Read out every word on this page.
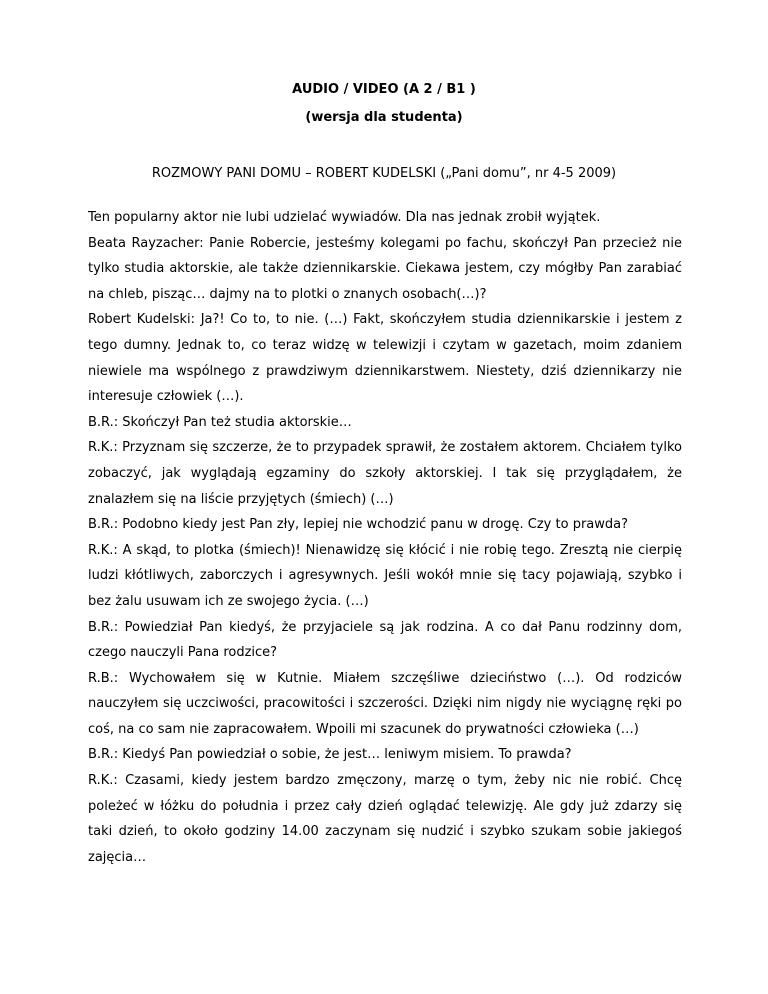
AUDIO / VIDEO (A 2 / B1 )
(wersja dla studenta)
ROZMOWY PANI DOMU – ROBERT KUDELSKI („Pani domu”, nr 4-5 2009)

Ten popularny aktor nie lubi udzielać wywiadów. Dla nas jednak zrobił wyjątek.

Beata Rayzacher: Panie Robercie, jesteśmy kolegami po fachu, skończył Pan przecież nie tylko studia aktorskie, ale także dziennikarskie. Ciekawa jestem, czy mógłby Pan zarabiać na chleb, pisząc… dajmy na to plotki o znanych osobach(…)?

Robert Kudelski: Ja?! Co to, to nie. (…) Fakt, skończyłem studia dziennikarskie i jestem z tego dumny. Jednak to, co teraz widzę w telewizji i czytam w gazetach, moim zdaniem niewiele ma wspólnego z prawdziwym dziennikarstwem. Niestety, dziś dziennikarzy nie interesuje człowiek (…).

B.R.: Skończył Pan też studia aktorskie…

R.K.: Przyznam się szczerze, że to przypadek sprawił, że zostałem aktorem. Chciałem tylko zobaczyć, jak wyglądają egzaminy do szkoły aktorskiej. I tak się przyglądałem, że znalazłem się na liście przyjętych (śmiech) (…)

B.R.: Podobno kiedy jest Pan zły, lepiej nie wchodzić panu w drogę. Czy to prawda?

R.K.: A skąd, to plotka (śmiech)! Nienawidzę się kłócić i nie robię tego. Zresztą nie cierpię ludzi kłótliwych, zaborczych i agresywnych. Jeśli wokół mnie się tacy pojawiają, szybko i bez żalu usuwam ich ze swojego życia. (…)

B.R.: Powiedział Pan kiedyś, że przyjaciele są jak rodzina. A co dał Panu rodzinny dom, czego nauczyli Pana rodzice?

R.B.: Wychowałem się w Kutnie. Miałem szczęśliwe dzieciństwo (…). Od rodziców nauczyłem się uczciwości, pracowitości i szczerości. Dzięki nim nigdy nie wyciągnę ręki po coś, na co sam nie zapracowałem. Wpoili mi szacunek do prywatności człowieka (…)

B.R.: Kiedyś Pan powiedział o sobie, że jest… leniwym misiem. To prawda?

R.K.: Czasami, kiedy jestem bardzo zmęczony, marzę o tym, żeby nic nie robić. Chcę poleżeć w łóżku do południa i przez cały dzień oglądać telewizję. Ale gdy już zdarzy się taki dzień, to około godziny 14.00 zaczynam się nudzić i szybko szukam sobie jakiegoś zajęcia…
